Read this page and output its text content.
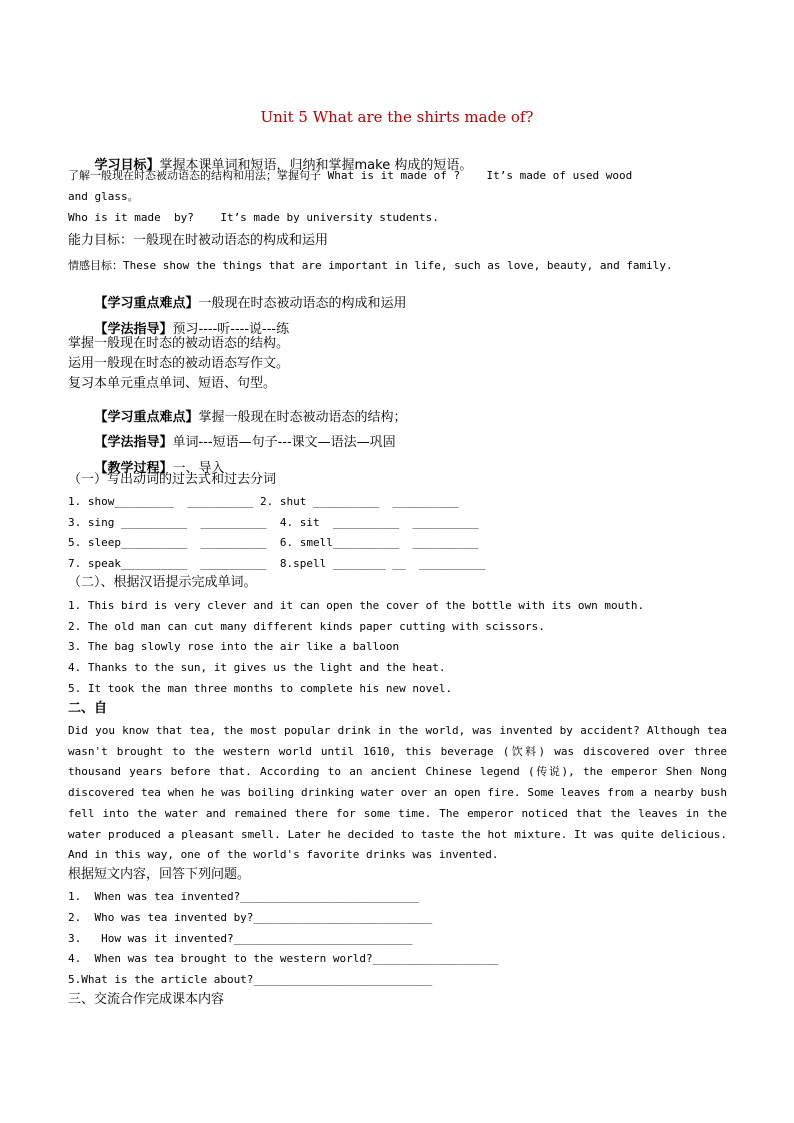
Unit 5 What are the shirts made of?

学习目标】掌握本课单词和短语，归纳和掌握make 构成的短语。

了解一般现在时态被动语态的结构和用法；掌握句子 What is it made of ?    It’s made of used wood
and glass。
Who is it made  by?    It’s made by university students.
能力目标：一般现在时被动语态的构成和运用
情感目标：These show the things that are important in life, such as love, beauty, and family.

【学习重点难点】一般现在时态被动语态的构成和运用

【学法指导】预习----听----说---练

掌握一般现在时态的被动语态的结构。
运用一般现在时态的被动语态写作文。
复习本单元重点单词、短语、句型。

【学习重点难点】掌握一般现在时态被动语态的结构；

【学法指导】单词---短语—句子---课文—语法—巩固

【教学过程】一、导入

（一）写出动词的过去式和过去分词
1. show_________  __________ 2. shut __________  __________
3. sing __________  __________  4. sit  __________  __________
5. sleep__________  __________  6. smell__________  __________
7. speak__________  __________  8.spell ________ __  __________
（二）、根据汉语提示完成单词。
1. This bird is very clever and it can open the cover of the bottle with its own mouth.
2. The old man can cut many different kinds paper cutting with scissors.
3. The bag slowly rose into the air like a balloon
4. Thanks to the sun, it gives us the light and the heat.
5. It took the man three months to complete his new novel.
二、自
Did you know that tea, the most popular drink in the world, was invented by accident? Although tea wasn't brought to the western world until 1610, this beverage (饮料) was discovered over three thousand years before that. According to an ancient Chinese legend (传说), the emperor Shen Nong discovered tea when he was boiling drinking water over an open fire. Some leaves from a nearby bush fell into the water and remained there for some time. The emperor noticed that the leaves in the water produced a pleasant smell. Later he decided to taste the hot mixture. It was quite delicious. And in this way, one of the world's favorite drinks was invented.
根据短文内容，回答下列问题。
1.  When was tea invented?___________________________
2.  Who was tea invented by?___________________________
3.   How was it invented?___________________________
4.  When was tea brought to the western world?___________________
5.What is the article about?___________________________
三、交流合作完成课本内容
